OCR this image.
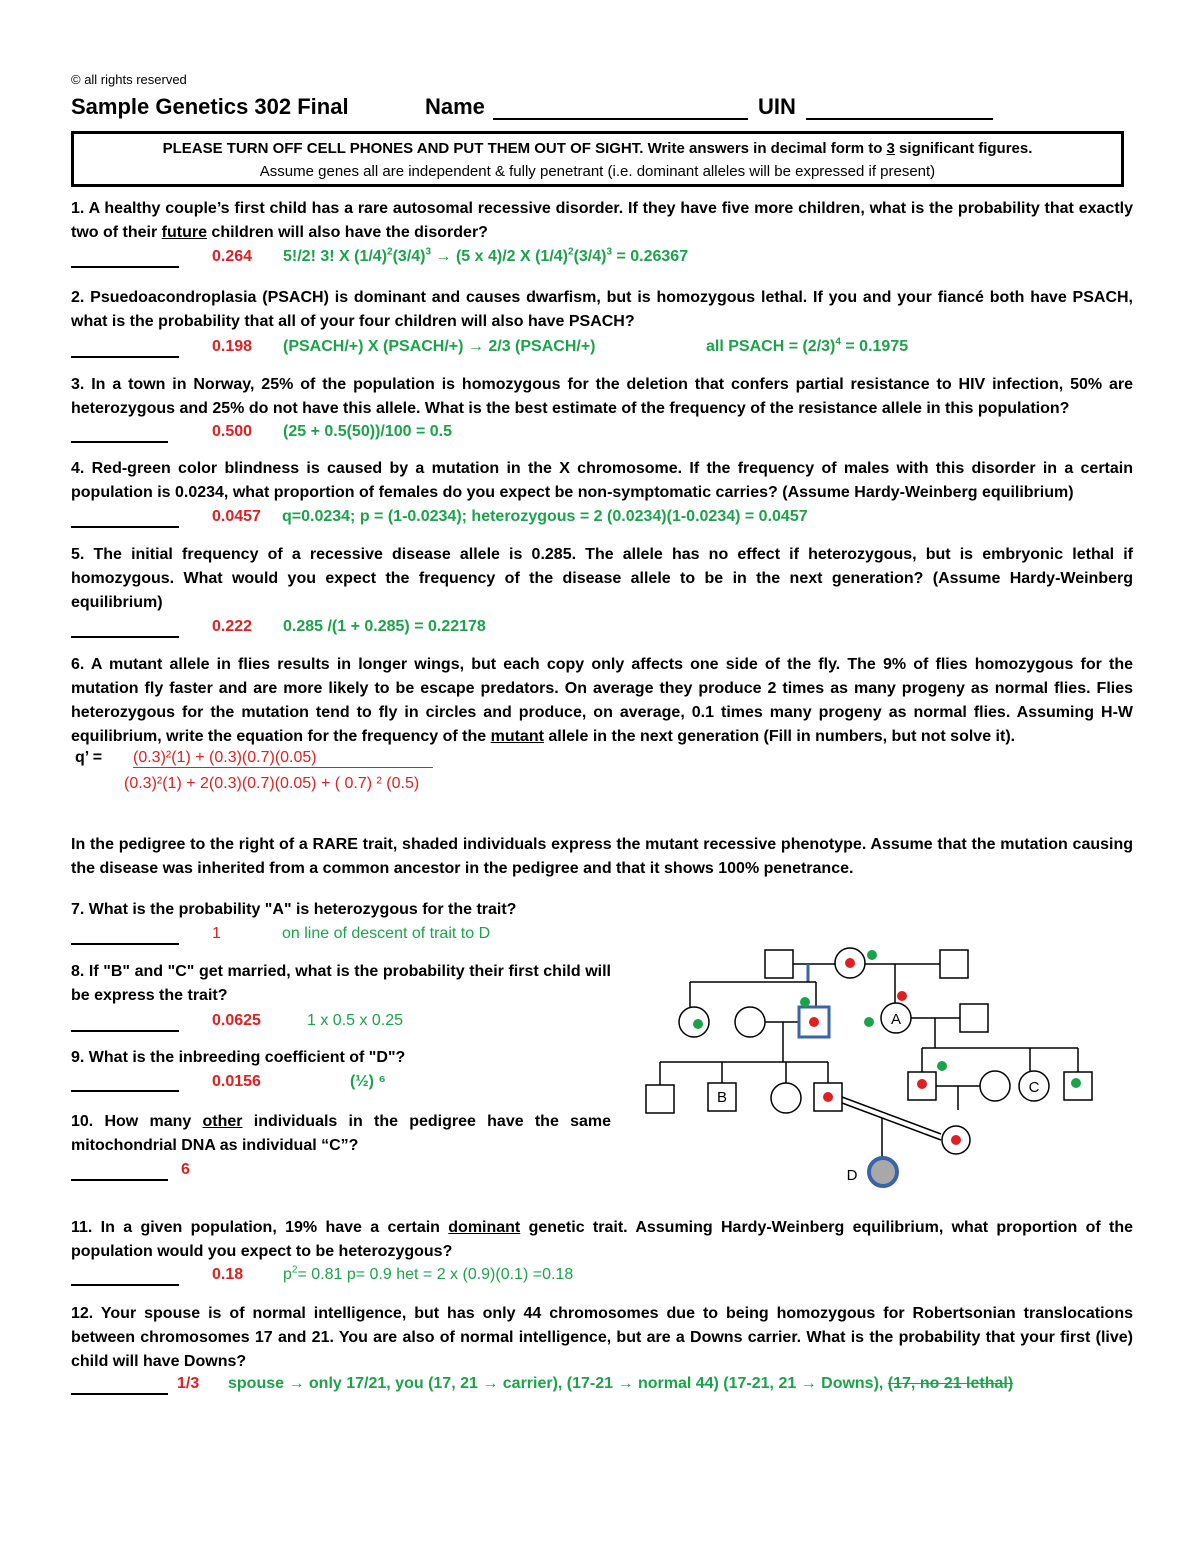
© all rights reserved
Sample Genetics 302 Final	Name	UIN
PLEASE TURN OFF CELL PHONES AND PUT THEM OUT OF SIGHT. Write answers in decimal form to 3 significant figures.
Assume genes all are independent & fully penetrant (i.e. dominant alleles will be expressed if present)
1. A healthy couple’s first child has a rare autosomal recessive disorder. If they have five more children, what is the probability that exactly two of their future children will also have the disorder?
0.264 5!/2! 3! X $(1/4)^2(3/4)^3 \to (5$ x 4)/2 X $(1/4)^2(3/4)^3 = 0.26367$
2. Psuedoacondroplasia (PSACH) is dominant and causes dwarfism, but is homozygous lethal. If you and your fiancé both have PSACH, what is the probability that all of your four children will also have PSACH?
0.198 (PSACH/+) X (PSACH/+) → 2/3 (PSACH/+)	all PSACH = $(2/3)^4 = 0.1975$
3. In a town in Norway, 25% of the population is homozygous for the deletion that confers partial resistance to HIV infection, 50% are heterozygous and 25% do not have this allele. What is the best estimate of the frequency of the resistance allele in this population?
0.500 (25 + 0.5(50))/100 = 0.5
4. Red-green color blindness is caused by a mutation in the X chromosome. If the frequency of males with this disorder in a certain population is 0.0234, what proportion of females do you expect be non-symptomatic carries? (Assume Hardy-Weinberg equilibrium)
0.0457 q=0.0234; p = (1-0.0234); heterozygous = 2 (0.0234)(1-0.0234) = 0.0457
5. The initial frequency of a recessive disease allele is 0.285. The allele has no effect if heterozygous, but is embryonic lethal if homozygous. What would you expect the frequency of the disease allele to be in the next generation? (Assume Hardy-Weinberg equilibrium)
0.222 0.285 /(1 + 0.285) = 0.22178
6. A mutant allele in flies results in longer wings, but each copy only affects one side of the fly. The 9% of flies homozygous for the mutation fly faster and are more likely to be escape predators. On average they produce 2 times as many progeny as normal flies. Flies heterozygous for the mutation tend to fly in circles and produce, on average, 0.1 times many progeny as normal flies. Assuming H-W equilibrium, write the equation for the frequency of the mutant allele in the next generation (Fill in numbers, but not solve it).
q’ = (0.3)²(1) + (0.3)(0.7)(0.05)
(0.3)²(1) + 2(0.3)(0.7)(0.05) + ( 0.7) ² (0.5)
In the pedigree to the right of a RARE trait, shaded individuals express the mutant recessive phenotype. Assume that the mutation causing the disease was inherited from a common ancestor in the pedigree and that it shows 100% penetrance.
7. What is the probability "A" is heterozygous for the trait?
1	on line of descent of trait to D
8. If "B" and "C" get married, what is the probability their first child will be express the trait?
0.0625	1 x 0.5 x 0.25
9. What is the inbreeding coefficient of "D"?
0.0156	(½) ⁶
10. How many other individuals in the pedigree have the same mitochondrial DNA as individual “C”?
6
A
B
C
D
11. In a given population, 19% have a certain dominant genetic trait. Assuming Hardy-Weinberg equilibrium, what proportion of the population would you expect to be heterozygous?
0.18 $p^2= 0.81$ p= 0.9 het = 2 x (0.9)(0.1) =0.18
12. Your spouse is of normal intelligence, but has only 44 chromosomes due to being homozygous for Robertsonian translocations between chromosomes 17 and 21. You are also of normal intelligence, but are a Downs carrier. What is the probability that your first (live) child will have Downs?
1/3 spouse → only 17/21, you (17, 21 → carrier), (17-21 → normal 44) (17-21, 21 → Downs), (17, no 21 lethal)
